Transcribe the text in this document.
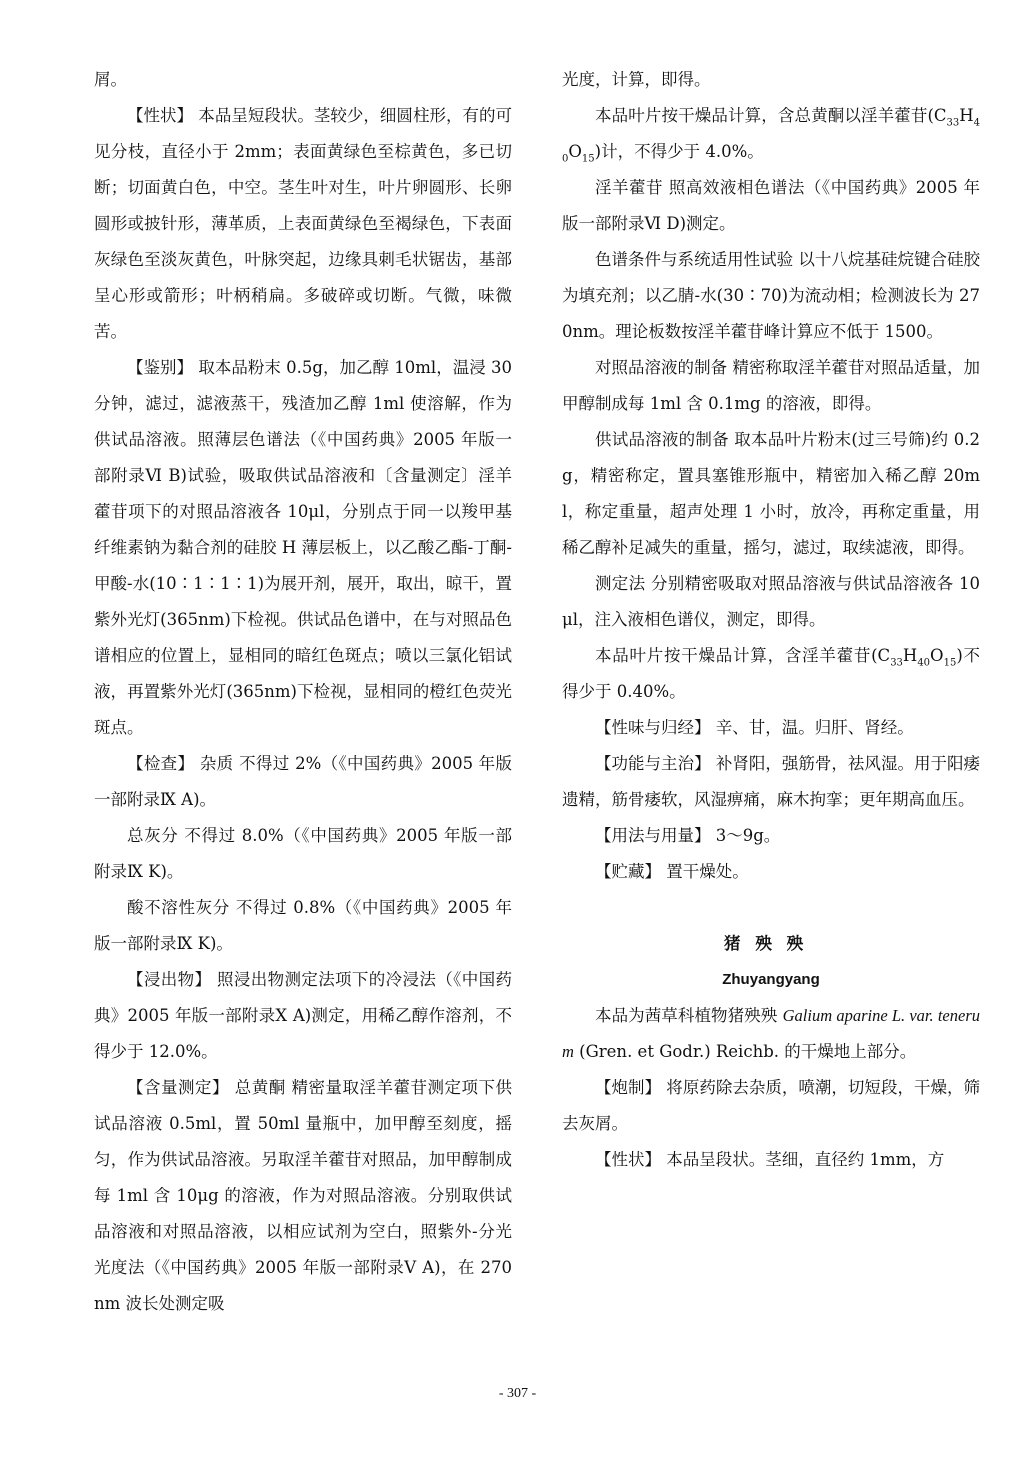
屑。

【性状】 本品呈短段状。茎较少，细圆柱形，有的可见分枝，直径小于 2mm；表面黄绿色至棕黄色，多已切断；切面黄白色，中空。茎生叶对生，叶片卵圆形、长卵圆形或披针形，薄革质，上表面黄绿色至褐绿色，下表面灰绿色至淡灰黄色，叶脉突起，边缘具刺毛状锯齿，基部呈心形或箭形；叶柄稍扁。多破碎或切断。气微，味微苦。

【鉴别】 取本品粉末 0.5g，加乙醇 10ml，温浸 30 分钟，滤过，滤液蒸干，残渣加乙醇 1ml 使溶解，作为供试品溶液。照薄层色谱法（《中国药典》2005 年版一部附录Ⅵ B)试验，吸取供试品溶液和〔含量测定〕淫羊藿苷项下的对照品溶液各 10μl，分别点于同一以羧甲基纤维素钠为黏合剂的硅胶 H 薄层板上，以乙酸乙酯-丁酮-甲酸-水(10∶1∶1∶1)为展开剂，展开，取出，晾干，置紫外光灯(365nm)下检视。供试品色谱中，在与对照品色谱相应的位置上，显相同的暗红色斑点；喷以三氯化铝试液，再置紫外光灯(365nm)下检视，显相同的橙红色荧光斑点。

【检查】 杂质 不得过 2%（《中国药典》2005 年版一部附录Ⅸ A)。

总灰分 不得过 8.0%（《中国药典》2005 年版一部附录Ⅸ K)。

酸不溶性灰分 不得过 0.8%（《中国药典》2005 年版一部附录Ⅸ K)。

【浸出物】 照浸出物测定法项下的冷浸法（《中国药典》2005 年版一部附录Ⅹ A)测定，用稀乙醇作溶剂，不得少于 12.0%。

【含量测定】 总黄酮 精密量取淫羊藿苷测定项下供试品溶液 0.5ml，置 50ml 量瓶中，加甲醇至刻度，摇匀，作为供试品溶液。另取淫羊藿苷对照品，加甲醇制成每 1ml 含 10μg 的溶液，作为对照品溶液。分别取供试品溶液和对照品溶液，以相应试剂为空白，照紫外-分光光度法（《中国药典》2005 年版一部附录Ⅴ A)，在 270nm 波长处测定吸

光度，计算，即得。

本品叶片按干燥品计算，含总黄酮以淫羊藿苷$(C_{33}H_{40}O_{15})$计，不得少于 4.0%。

淫羊藿苷 照高效液相色谱法（《中国药典》2005 年版一部附录Ⅵ D)测定。

色谱条件与系统适用性试验 以十八烷基硅烷键合硅胶为填充剂；以乙腈-水(30∶70)为流动相；检测波长为 270nm。理论板数按淫羊藿苷峰计算应不低于 1500。

对照品溶液的制备 精密称取淫羊藿苷对照品适量，加甲醇制成每 1ml 含 0.1mg 的溶液，即得。

供试品溶液的制备 取本品叶片粉末(过三号筛)约 0.2g，精密称定，置具塞锥形瓶中，精密加入稀乙醇 20ml，称定重量，超声处理 1 小时，放冷，再称定重量，用稀乙醇补足减失的重量，摇匀，滤过，取续滤液，即得。

测定法 分别精密吸取对照品溶液与供试品溶液各 10μl，注入液相色谱仪，测定，即得。

本品叶片按干燥品计算，含淫羊藿苷$(C_{33}H_{40}O_{15})$不得少于 0.40%。

【性味与归经】 辛、甘，温。归肝、肾经。

【功能与主治】 补肾阳，强筋骨，祛风湿。用于阳痿遗精，筋骨痿软，风湿痹痛，麻木拘挛；更年期高血压。

【用法与用量】 3～9g。

【贮藏】 置干燥处。

猪殃殃

Zhuyangyang

本品为茜草科植物猪殃殃 Galium aparine L. var. tenerum (Gren. et Godr.) Reichb. 的干燥地上部分。

【炮制】 将原药除去杂质，喷潮，切短段，干燥，筛去灰屑。

【性状】 本品呈段状。茎细，直径约 1mm，方

- 307 -
